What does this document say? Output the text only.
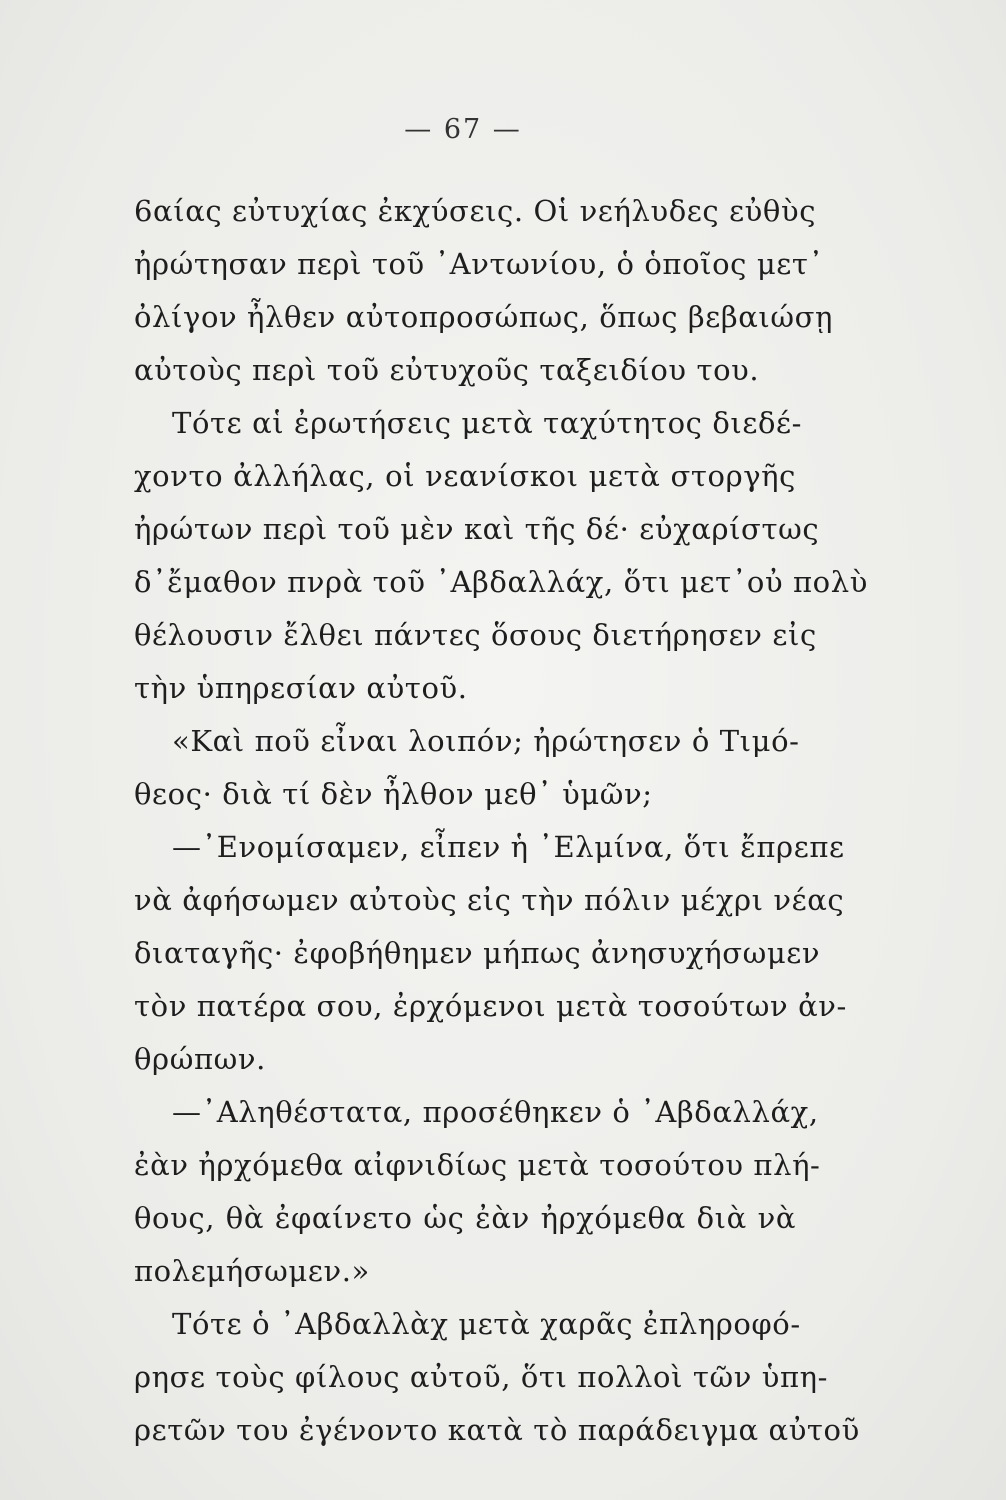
— 67 —
6αίας εὐτυχίας ἐκχύσεις. Οἱ νεήλυδες εὐθὺς
ἠρώτησαν περὶ τοῦ ᾿Αντωνίου, ὁ ὁποῖος μετ᾿
ὀλίγον ἦλθεν αὐτοπροσώπως, ὅπως βεβαιώσῃ
αὐτοὺς περὶ τοῦ εὐτυχοῦς ταξειδίου του.
Τότε αἱ ἐρωτήσεις μετὰ ταχύτητος διεδέ-
χοντο ἀλλήλας, οἱ νεανίσκοι μετὰ στοργῆς
ἠρώτων περὶ τοῦ μὲν καὶ τῆς δέ· εὐχαρίστως
δ᾿ἔμαθον πνρὰ τοῦ ᾿Αβδαλλάχ, ὅτι μετ᾿οὐ πολὺ
θέλουσιν ἔλθει πάντες ὅσους διετήρησεν εἰς
τὴν ὑπηρεσίαν αὐτοῦ.
«Καὶ ποῦ εἶναι λοιπόν; ἠρώτησεν ὁ Τιμό-
θεος· διὰ τί δὲν ἦλθον μεθ᾿ ὑμῶν;
—᾿Ενομίσαμεν, εἶπεν ἡ ᾿Ελμίνα, ὅτι ἔπρεπε
νὰ ἀφήσωμεν αὐτοὺς εἰς τὴν πόλιν μέχρι νέας
διαταγῆς· ἐφοβήθημεν μήπως ἀνησυχήσωμεν
τὸν πατέρα σου, ἐρχόμενοι μετὰ τοσούτων ἀν-
θρώπων.
—᾿Αληθέστατα, προσέθηκεν ὁ ᾿Αβδαλλάχ,
ἐὰν ἠρχόμεθα αἰφνιδίως μετὰ τοσούτου πλή-
θους, θὰ ἐφαίνετο ὡς ἐὰν ἠρχόμεθα διὰ νὰ
πολεμήσωμεν.»
Τότε ὁ ᾿Αβδαλλὰχ μετὰ χαρᾶς ἐπληροφό-
ρησε τοὺς φίλους αὐτοῦ, ὅτι πολλοὶ τῶν ὑπη-
ρετῶν του ἐγένοντο κατὰ τὸ παράδειγμα αὐτοῦ
